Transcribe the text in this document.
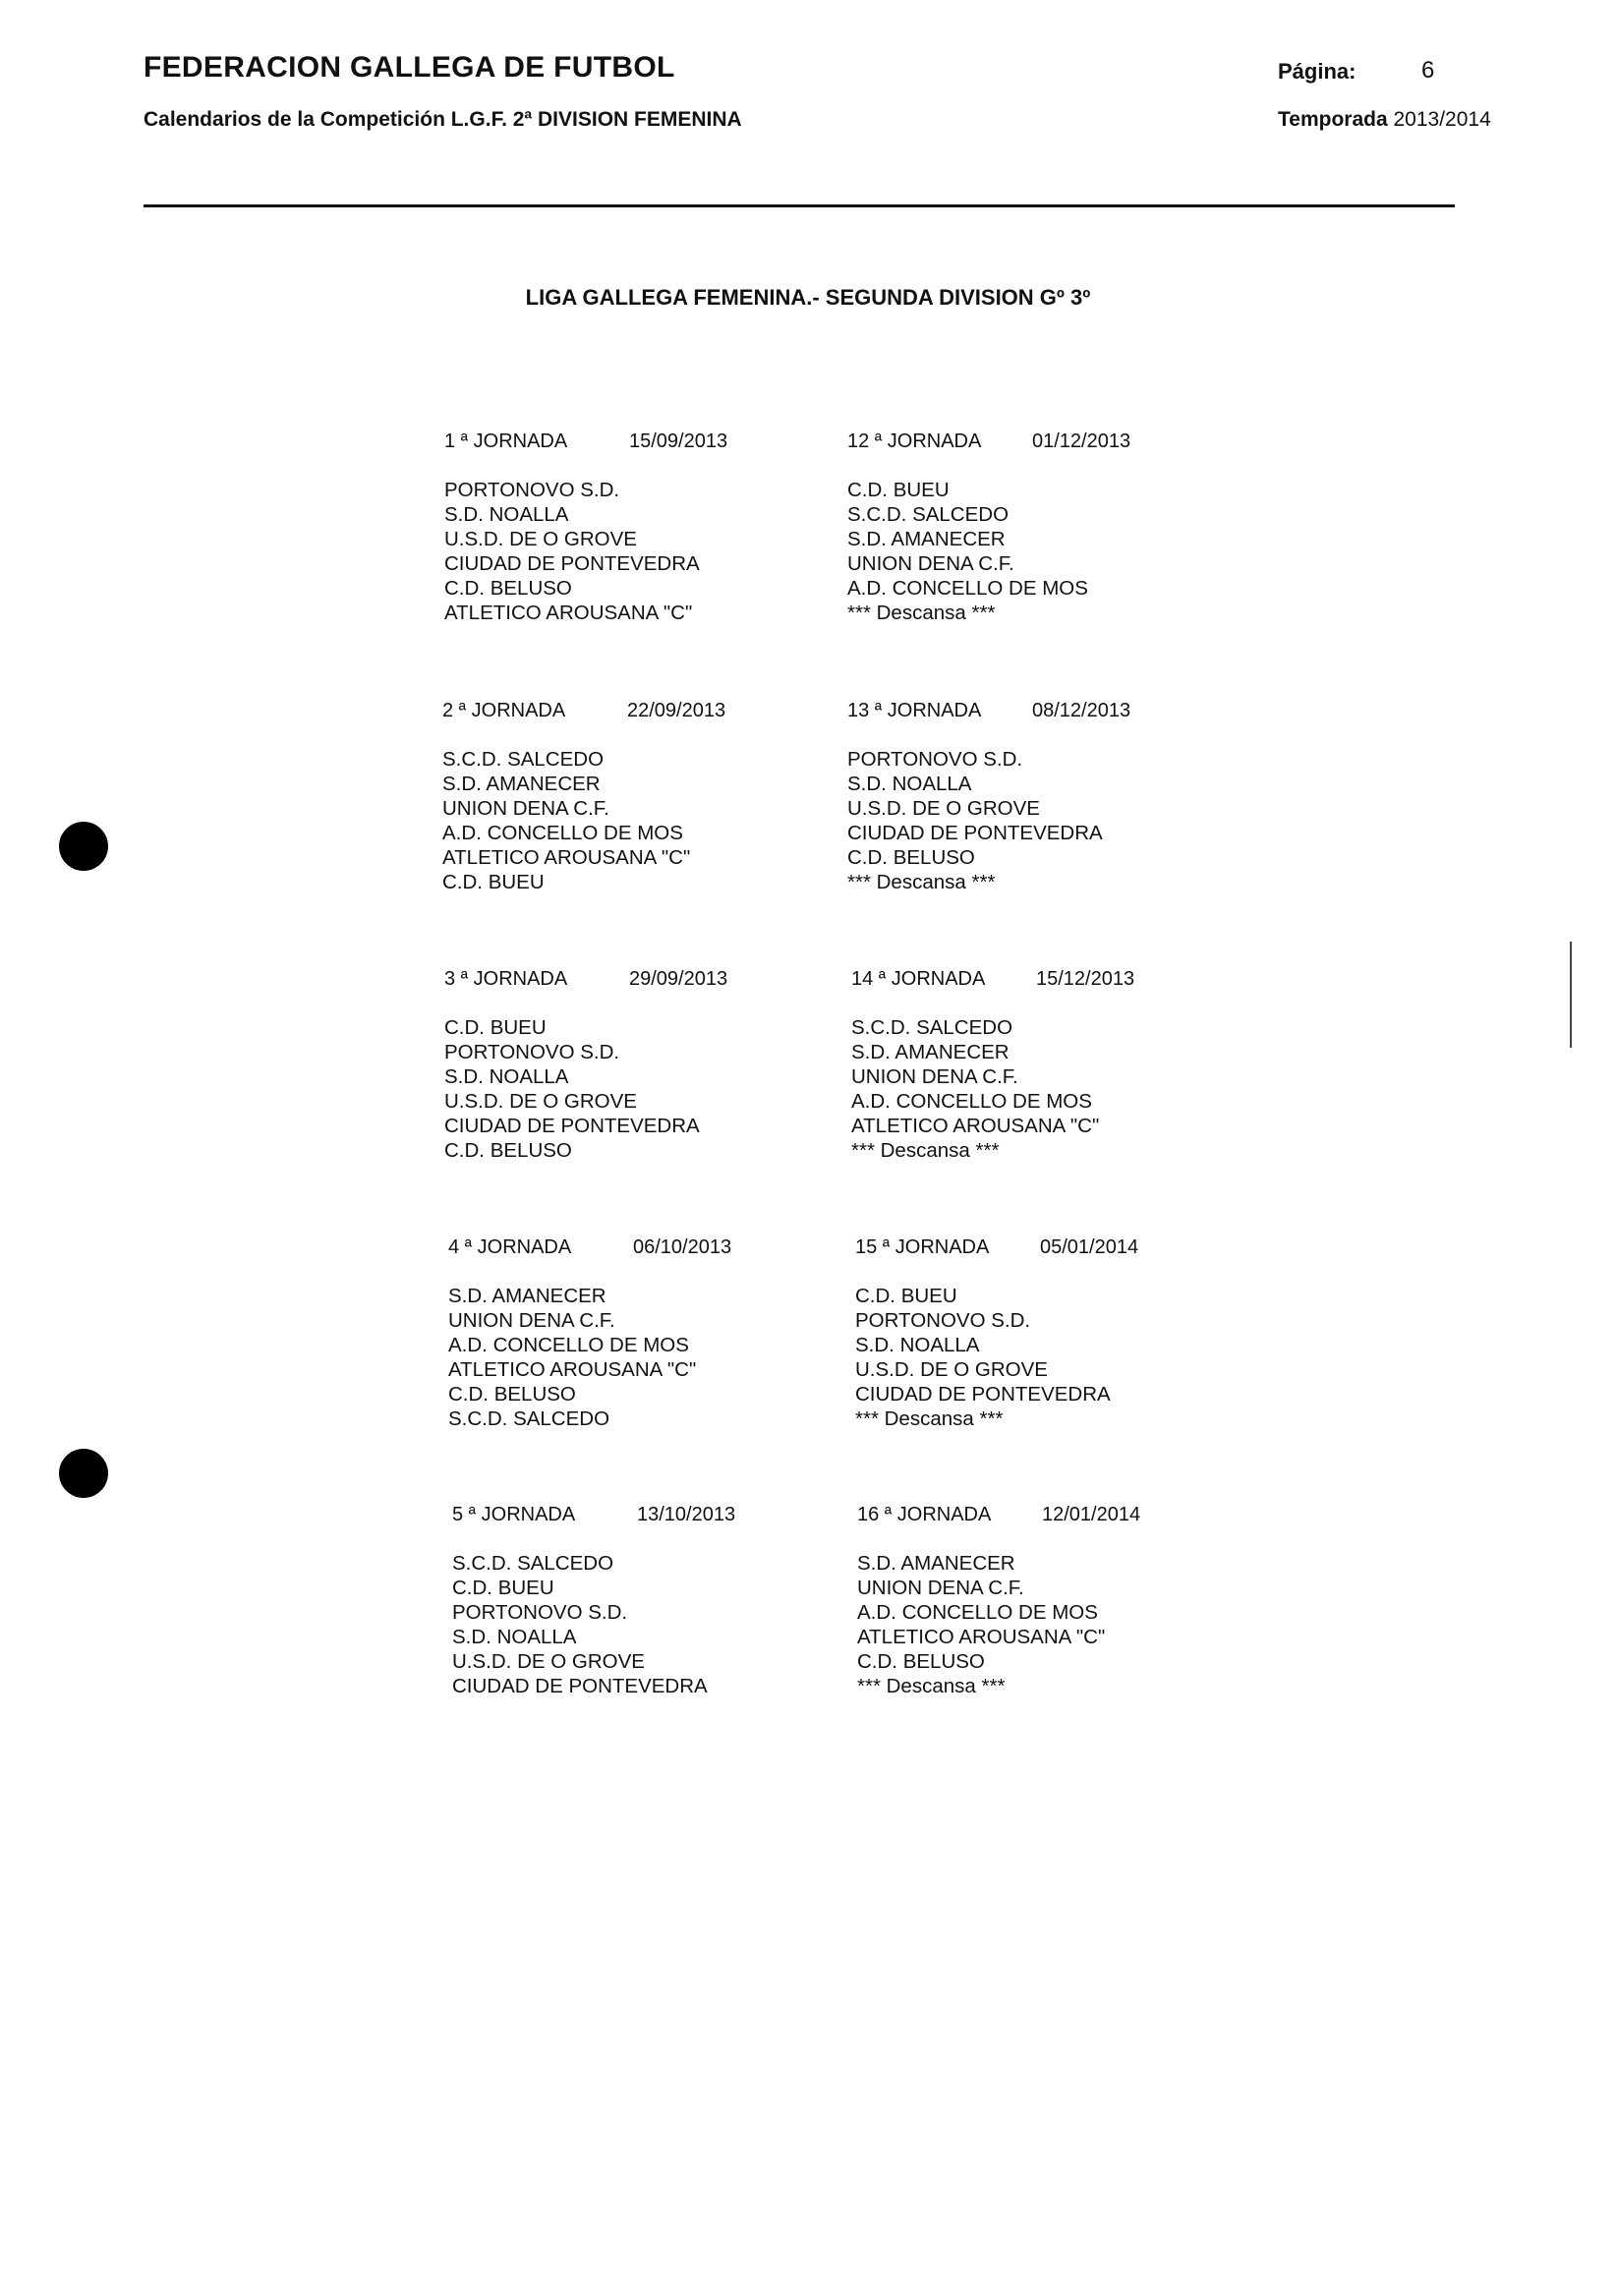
FEDERACION GALLEGA DE FUTBOL	Página:	6
Calendarios de la Competición L.G.F. 2ª DIVISION FEMENINA	Temporada 2013/2014
LIGA GALLEGA FEMENINA.- SEGUNDA DIVISION Gº 3º
1 ª JORNADA	15/09/2013
PORTONOVO S.D.
S.D. NOALLA
U.S.D. DE O GROVE
CIUDAD DE PONTEVEDRA
C.D. BELUSO
ATLETICO AROUSANA "C"
12 ª JORNADA	01/12/2013
C.D. BUEU
S.C.D. SALCEDO
S.D. AMANECER
UNION DENA C.F.
A.D. CONCELLO DE MOS
*** Descansa ***
2 ª JORNADA	22/09/2013
S.C.D. SALCEDO
S.D. AMANECER
UNION DENA C.F.
A.D. CONCELLO DE MOS
ATLETICO AROUSANA "C"
C.D. BUEU
13 ª JORNADA	08/12/2013
PORTONOVO S.D.
S.D. NOALLA
U.S.D. DE O GROVE
CIUDAD DE PONTEVEDRA
C.D. BELUSO
*** Descansa ***
3 ª JORNADA	29/09/2013
C.D. BUEU
PORTONOVO S.D.
S.D. NOALLA
U.S.D. DE O GROVE
CIUDAD DE PONTEVEDRA
C.D. BELUSO
14 ª JORNADA	15/12/2013
S.C.D. SALCEDO
S.D. AMANECER
UNION DENA C.F.
A.D. CONCELLO DE MOS
ATLETICO AROUSANA "C"
*** Descansa ***
4 ª JORNADA	06/10/2013
S.D. AMANECER
UNION DENA C.F.
A.D. CONCELLO DE MOS
ATLETICO AROUSANA "C"
C.D. BELUSO
S.C.D. SALCEDO
15 ª JORNADA	05/01/2014
C.D. BUEU
PORTONOVO S.D.
S.D. NOALLA
U.S.D. DE O GROVE
CIUDAD DE PONTEVEDRA
*** Descansa ***
5 ª JORNADA	13/10/2013
S.C.D. SALCEDO
C.D. BUEU
PORTONOVO S.D.
S.D. NOALLA
U.S.D. DE O GROVE
CIUDAD DE PONTEVEDRA
16 ª JORNADA	12/01/2014
S.D. AMANECER
UNION DENA C.F.
A.D. CONCELLO DE MOS
ATLETICO AROUSANA "C"
C.D. BELUSO
*** Descansa ***
